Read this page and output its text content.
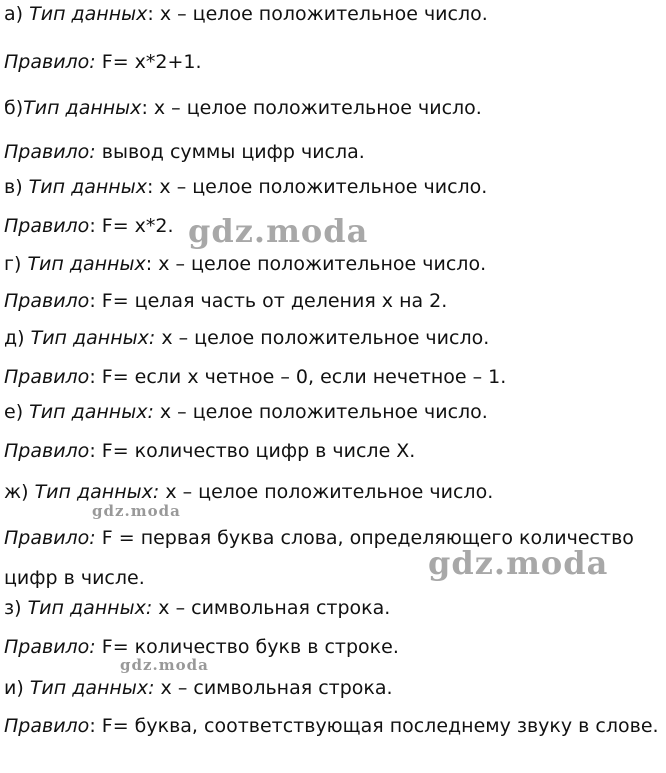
а) Тип данных: х – целое положительное число.
Правило: F= x*2+1.
б)Тип данных: х – целое положительное число.
Правило: вывод суммы цифр числа.
в) Тип данных: х – целое положительное число.
Правило: F= x*2.
г) Тип данных: х – целое положительное число.
Правило: F= целая часть от деления х на 2.
д) Тип данных: х – целое положительное число.
Правило: F= если х четное – 0, если нечетное – 1.
е) Тип данных: х – целое положительное число.
Правило: F= количество цифр в числе Х.
ж) Тип данных: х – целое положительное число.
Правило: F = первая буква слова, определяющего количество цифр в числе.
з) Тип данных: х – символьная строка.
Правило: F= количество букв в строке.
и) Тип данных: х – символьная строка.
Правило: F= буква, соответствующая последнему звуку в слове.
gdz.moda
gdz.moda
gdz.moda
gdz.moda
